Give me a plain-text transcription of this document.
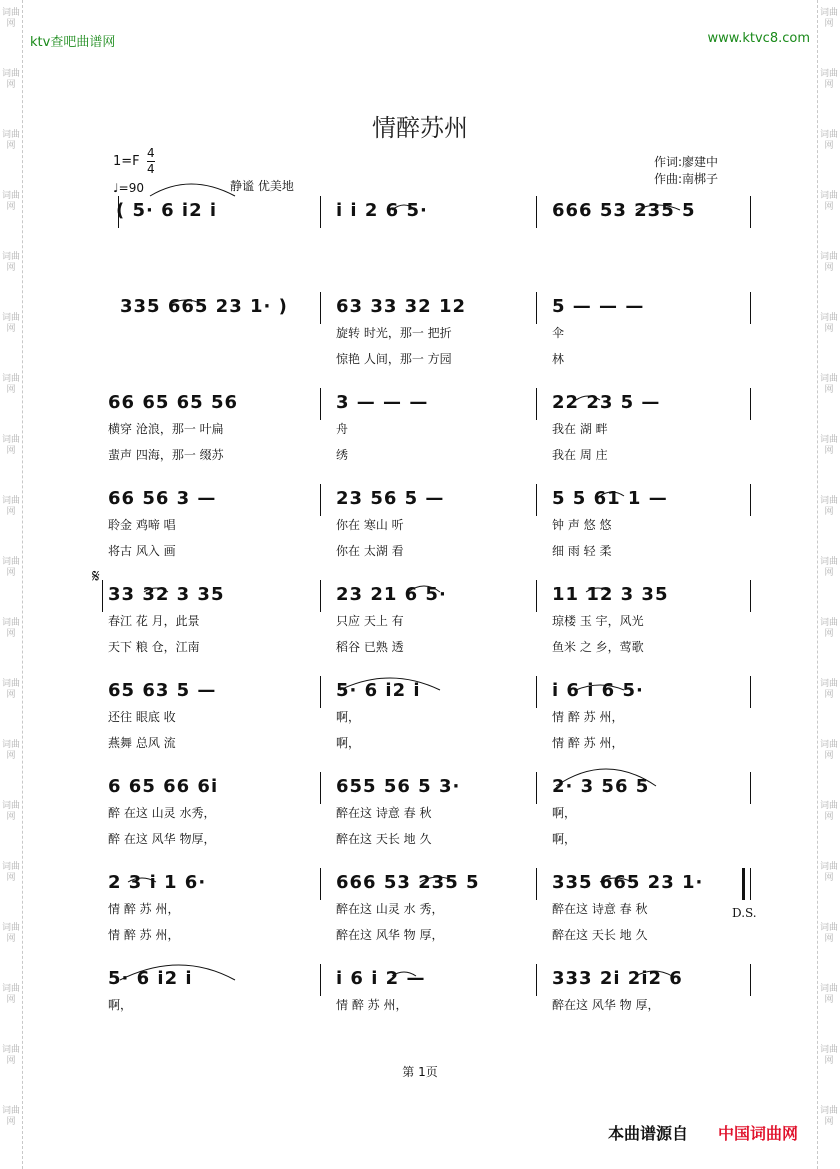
词曲网
词曲网
词曲网
词曲网
词曲网
词曲网
词曲网
词曲网
词曲网
词曲网
词曲网
词曲网
词曲网
词曲网
词曲网
词曲网
词曲网
词曲网
词曲网
词曲网
词曲网
词曲网
词曲网
词曲网
词曲网
词曲网
词曲网
词曲网
词曲网
词曲网
词曲网
词曲网
词曲网
词曲网
词曲网
词曲网
词曲网
词曲网
ktv查吧曲谱网	www.ktvc8.com
情醉苏州
1=F
4
4
♩=90	静谧 优美地
作词:廖建中
作曲:南梆子
𝄋
D.S.
( 5· 6 i2 i	i i 2 6 5·	666 53 235 5
335 665 23 1· )	63 33 32 12
旋转 时光，那一 把折
惊艳 人间，那一 方园
5 — — —
伞
林
66 65 65 56
横穿 沧浪，那一 叶扁
蜚声 四海，那一 缀苏
3 — — —
舟
绣
22 23 5 —
我在 湖 畔
我在 周 庄
66 56 3 —
聆金 鸡啼 唱
将古 风入 画
23 56 5 —
你在 寒山 听
你在 太湖 看
5 5 61 1 —
钟 声 悠 悠
细 雨 轻 柔
33 32 3 35
春江 花 月，此景
天下 粮 仓，江南
23 21 6 5·
只应 天上 有
稻谷 已熟 透
11 12 3 35
琼楼 玉 宇，风光
鱼米 之 乡，莺歌
65 63 5 —
还往 眼底 收
燕舞 总风 流
5· 6 i2 i
啊，
啊，
i 6 i 6 5·
情 醉 苏 州，
情 醉 苏 州，
6 65 66 6i
醉 在这 山灵 水秀，
醉 在这 风华 物厚，
655 56 5 3·
醉在这 诗意 春 秋
醉在这 天长 地 久
2· 3 56 5
啊，
啊，
2 3 i 1 6·
情 醉 苏 州，
情 醉 苏 州，
666 53 235 5
醉在这 山灵 水 秀，
醉在这 风华 物 厚，
335 665 23 1·
醉在这 诗意 春 秋
醉在这 天长 地 久
5· 6 i2 i
啊，
i 6 i 2 —
情 醉 苏 州，
333 2i 2i2 6
醉在这 风华 物 厚，
第 1页
本曲谱源自 中国词曲网
